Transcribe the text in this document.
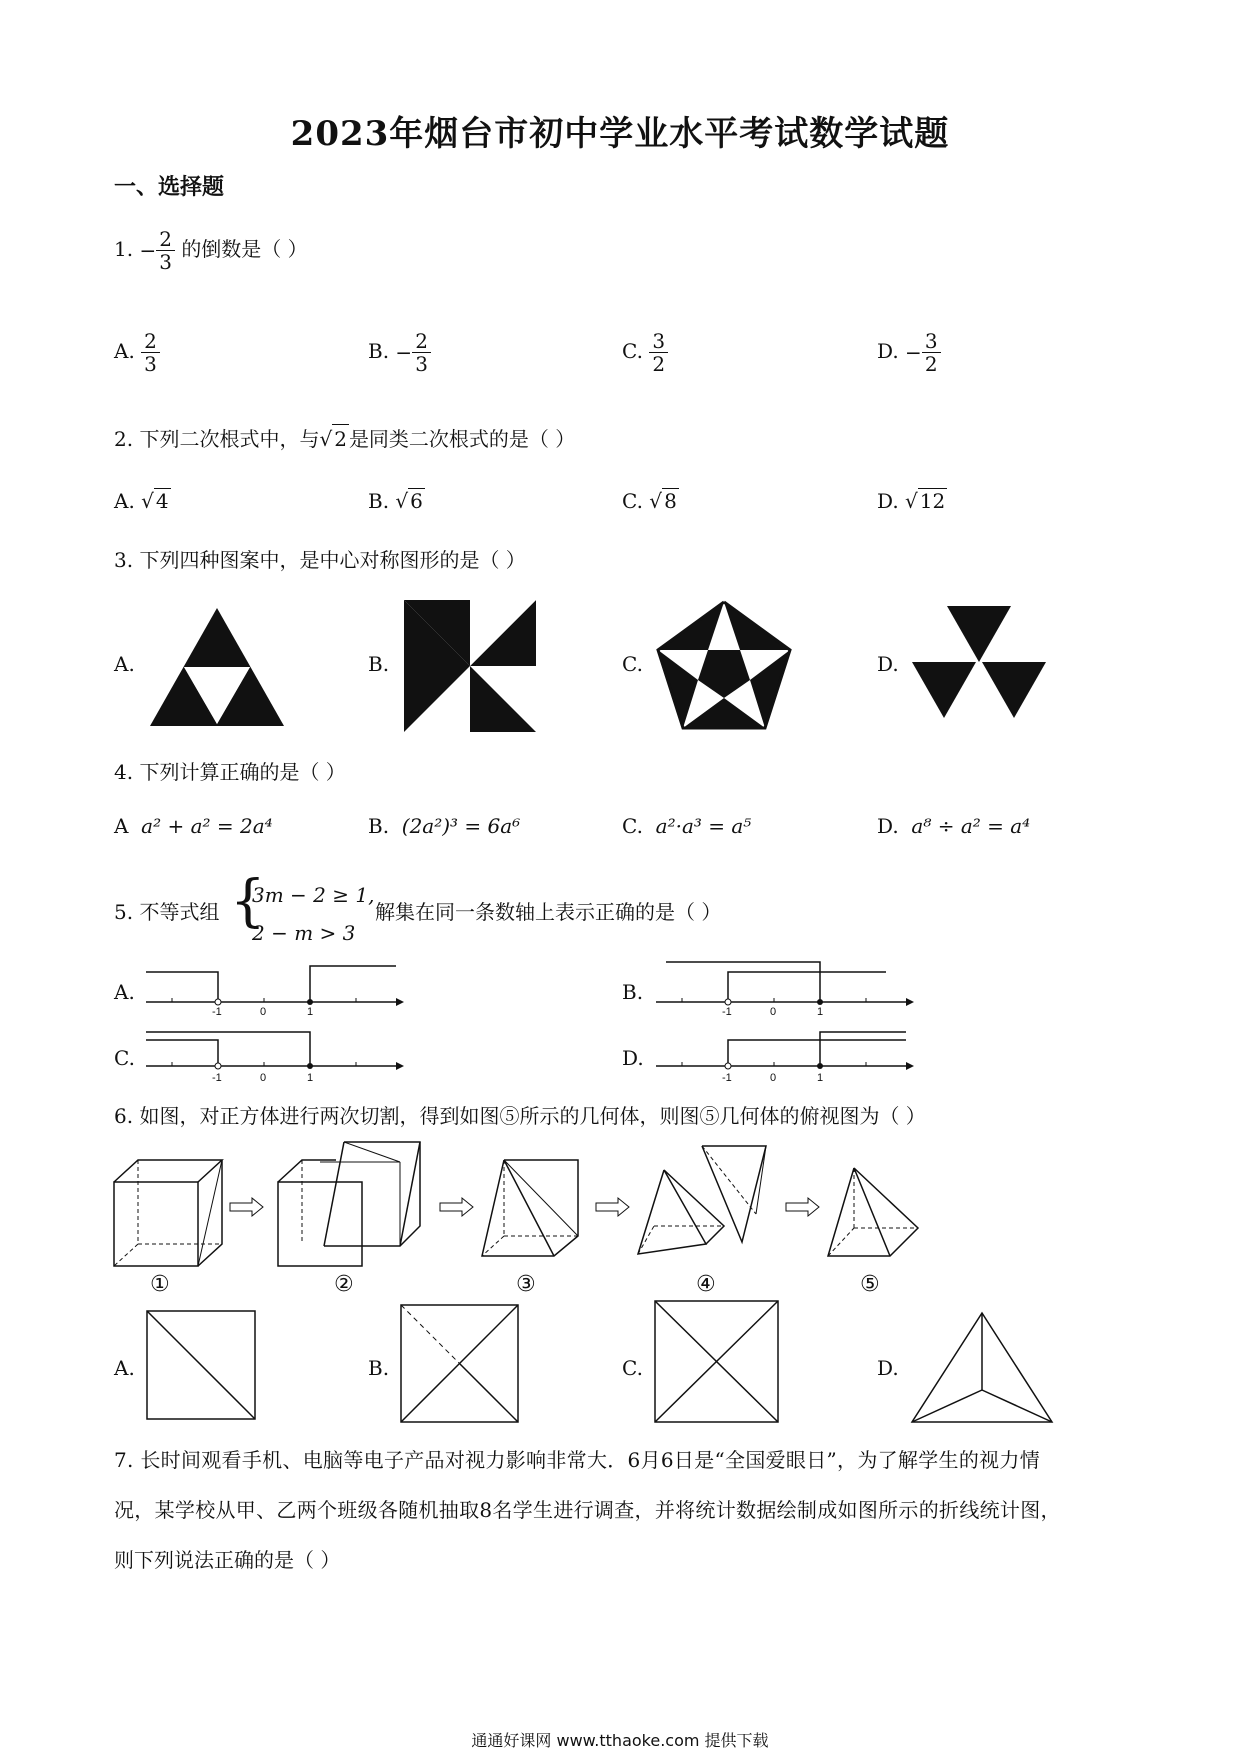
2023年烟台市初中学业水平考试数学试题
一、选择题
1. − $\frac{2}{3}$ 的倒数是（ ）
A. $\frac{2}{3}$	B. − $\frac{2}{3}$	C. $\frac{3}{2}$	D. − $\frac{3}{2}$
2. 下列二次根式中，与√ 2 是同类二次根式的是（ ）
A. √ 4	B. √ 6	C. √ 8	D. √ 12
3. 下列四种图案中，是中心对称图形的是（ ）
A.	B.	C.	D.
4. 下列计算正确的是（ ）
A a² + a² = 2a⁴	B. (2a²)³ = 6a⁶	C. a²·a³ = a⁵	D. a⁸ ÷ a² = a⁴
5. 不等式组 {
3m − 2 ≥ 1,
2 − m > 3
解集在同一条数轴上表示正确的是（ ）
A.	B.
C.	D.
-1	0	1	-1	0	1
-1	0	1	-1	0	1
6. 如图，对正方体进行两次切割，得到如图⑤所示的几何体，则图⑤几何体的俯视图为（ ）
①	②	③	④	⑤
A.	B.	C.	D.
7. 长时间观看手机、电脑等电子产品对视力影响非常大．6月6日是“全国爱眼日”，为了解学生的视力情
况，某学校从甲、乙两个班级各随机抽取8名学生进行调查，并将统计数据绘制成如图所示的折线统计图，
则下列说法正确的是（ ）
通通好课网 www.tthaoke.com 提供下载
